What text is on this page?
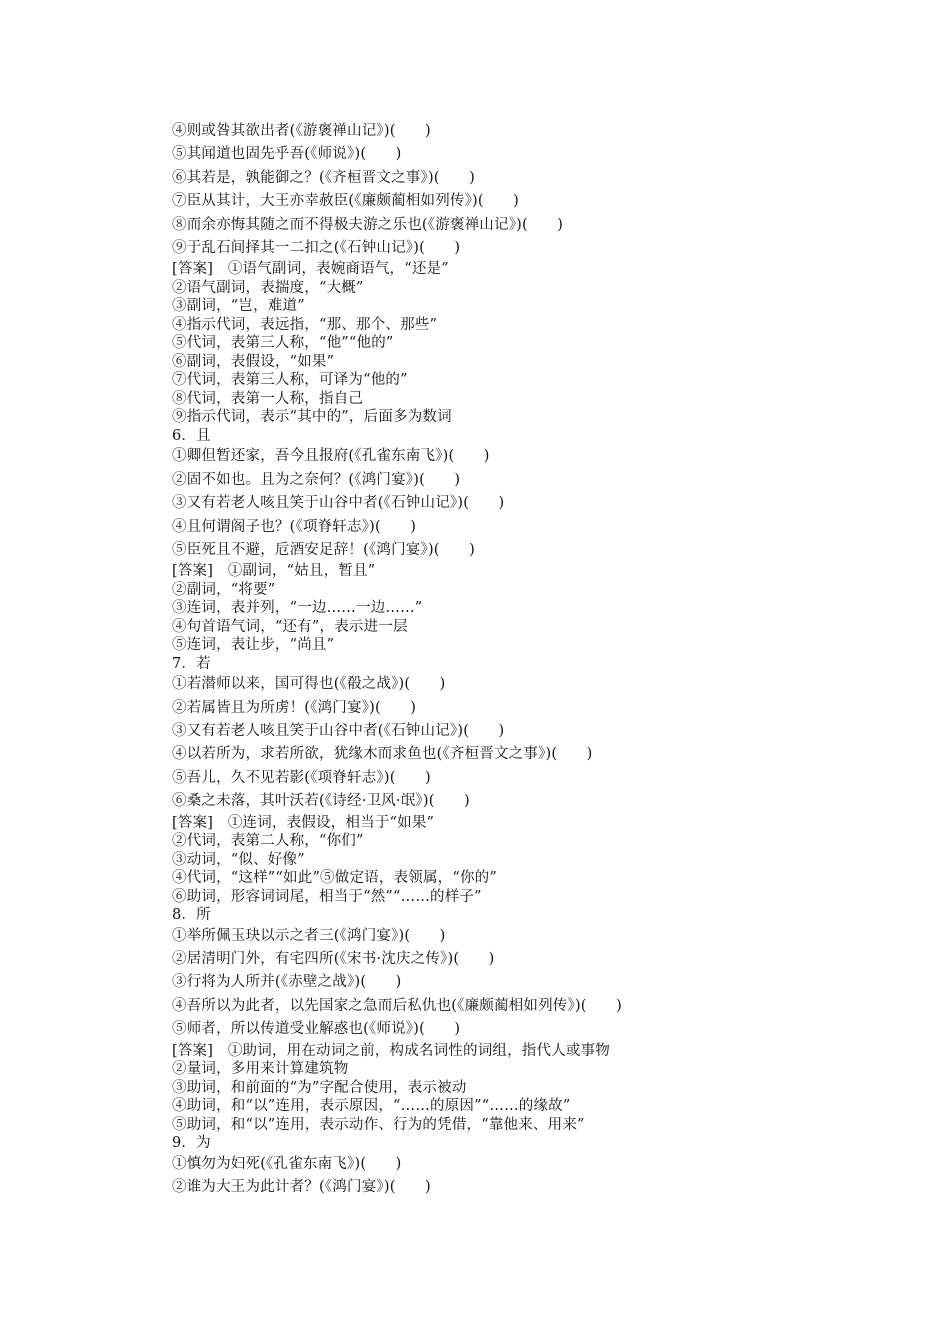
④则或咎其欲出者(《游褒禅山记》)(　　)
⑤其闻道也固先乎吾(《师说》)(　　)
⑥其若是，孰能御之？(《齐桓晋文之事》)(　　)
⑦臣从其计，大王亦幸赦臣(《廉颇蔺相如列传》)(　　)
⑧而余亦悔其随之而不得极夫游之乐也(《游褒禅山记》)(　　)
⑨于乱石间择其一二扣之(《石钟山记》)(　　)
[答案]　①语气副词，表婉商语气，“还是”
②语气副词，表揣度，“大概”
③副词，“岂，难道”
④指示代词，表远指，“那、那个、那些”
⑤代词，表第三人称，“他”“他的”
⑥副词，表假设，“如果”
⑦代词，表第三人称，可译为“他的”
⑧代词，表第一人称，指自己
⑨指示代词，表示“其中的”，后面多为数词
6．且
①卿但暂还家，吾今且报府(《孔雀东南飞》)(　　)
②固不如也。且为之奈何？(《鸿门宴》)(　　)
③又有若老人咳且笑于山谷中者(《石钟山记》)(　　)
④且何谓阁子也？(《项脊轩志》)(　　)
⑤臣死且不避，卮酒安足辞！(《鸿门宴》)(　　)
[答案]　①副词，“姑且，暂且”
②副词，“将要”
③连词，表并列，“一边……一边……”
④句首语气词，“还有”，表示进一层
⑤连词，表让步，“尚且”
7．若
①若潜师以来，国可得也(《殽之战》)(　　)
②若属皆且为所虏！(《鸿门宴》)(　　)
③又有若老人咳且笑于山谷中者(《石钟山记》)(　　)
④以若所为，求若所欲，犹缘木而求鱼也(《齐桓晋文之事》)(　　)
⑤吾儿，久不见若影(《项脊轩志》)(　　)
⑥桑之未落，其叶沃若(《诗经·卫风·氓》)(　　)
[答案]　①连词，表假设，相当于“如果”
②代词，表第二人称，“你们”
③动词，“似、好像”
④代词，“这样”“如此”⑤做定语，表领属，“你的”
⑥助词，形容词词尾，相当于“然”“……的样子”
8．所
①举所佩玉玦以示之者三(《鸿门宴》)(　　)
②居清明门外，有宅四所(《宋书·沈庆之传》)(　　)
③行将为人所并(《赤壁之战》)(　　)
④吾所以为此者，以先国家之急而后私仇也(《廉颇蔺相如列传》)(　　)
⑤师者，所以传道受业解惑也(《师说》)(　　)
[答案]　①助词，用在动词之前，构成名词性的词组，指代人或事物
②量词，多用来计算建筑物
③助词，和前面的“为”字配合使用，表示被动
④助词，和“以”连用，表示原因，“……的原因”“……的缘故”
⑤助词，和“以”连用，表示动作、行为的凭借，“靠他来、用来”
9．为
①慎勿为妇死(《孔雀东南飞》)(　　)
②谁为大王为此计者？(《鸿门宴》)(　　)
